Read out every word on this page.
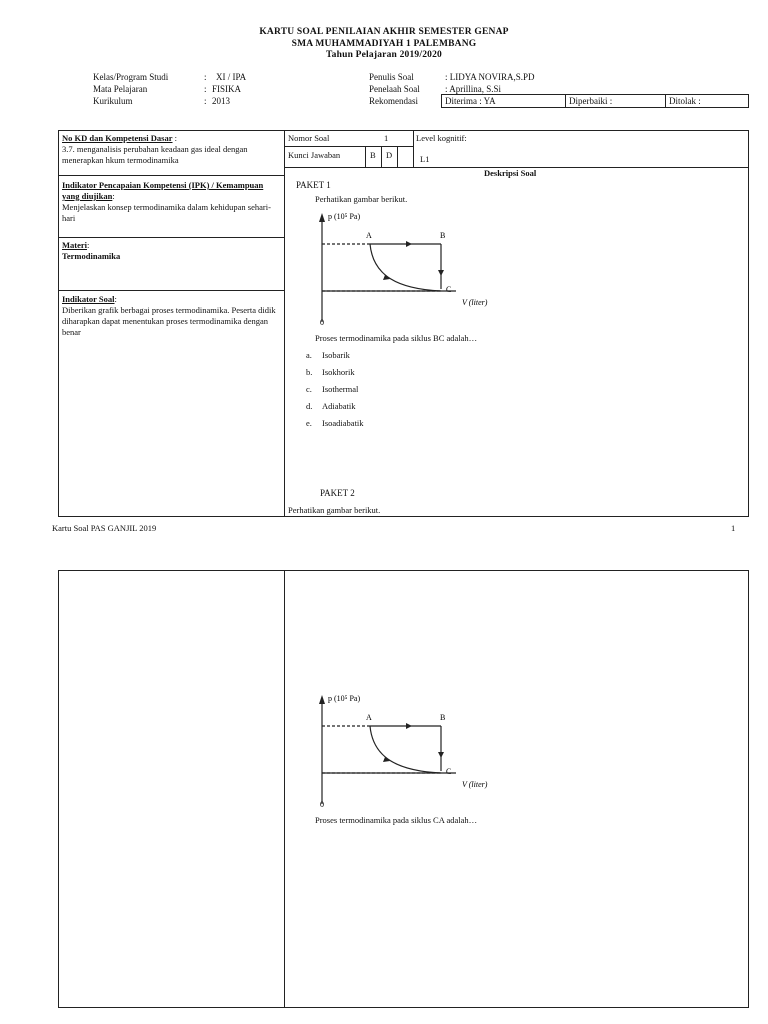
KARTU SOAL PENILAIAN AKHIR SEMESTER GENAP
SMA MUHAMMADIYAH 1 PALEMBANG
Tahun Pelajaran 2019/2020
Kelas/Program Studi	: XI / IPA
Mata Pelajaran	: FISIKA
Kurikulum	: 2013
Penulis Soal	: LIDYA NOVIRA,S.PD
Penelaah Soal	: Aprillina, S.Si
Rekomendasi	Diterima : YA	Diperbaiki :	Ditolak :
No KD dan Kompetensi Dasar :
3.7. menganalisis perubahan keadaan gas ideal dengan menerapkan hkum termodinamika
Indikator Pencapaian Kompetensi (IPK) / Kemampuan yang diujikan:
Menjelaskan konsep termodinamika dalam kehidupan sehari-hari
Materi:
Termodinamika
Indikator Soal:
Diberikan grafik berbagai proses termodinamika. Peserta didik diharapkan dapat menentukan proses termodinamika dengan benar
Nomor Soal	1	Level kognitif:
Kunci Jawaban	B D	L1
Deskripsi Soal
PAKET 1
Perhatikan gambar berikut.
p (10⁵ Pa)
A	B
C
V (liter)
0
Proses termodinamika pada siklus BC adalah…
a. Isobarik
b. Isokhorik
c. Isothermal
d. Adiabatik
e. Isoadiabatik
PAKET 2
Perhatikan gambar berikut.
Kartu Soal PAS GANJIL 2019	1
p (10⁵ Pa)
A	B
C
V (liter)
0
Proses termodinamika pada siklus CA adalah…
